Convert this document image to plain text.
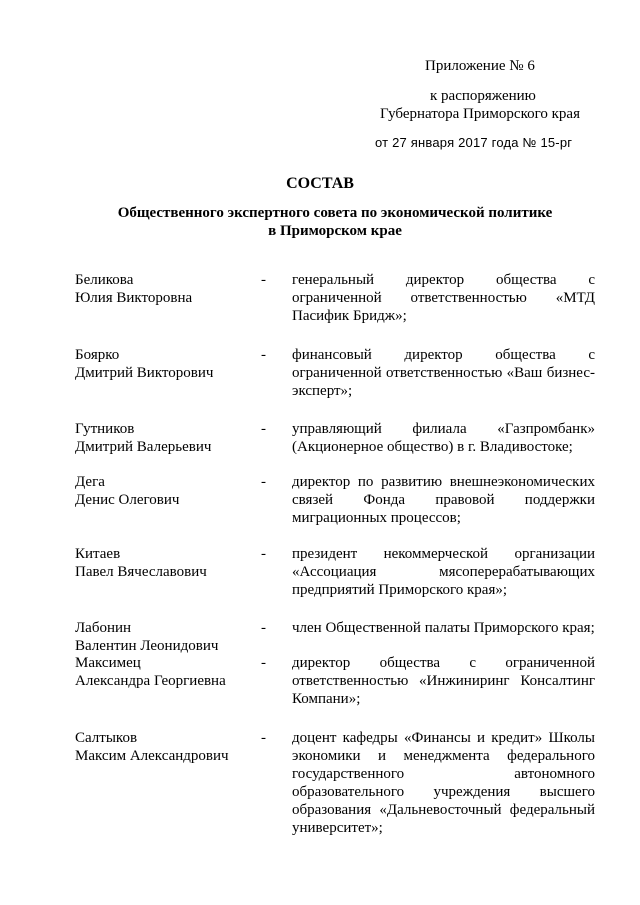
Приложение № 6
к распоряжению
Губернатора Приморского края
от 27 января 2017 года № 15-рг
СОСТАВ
Общественного экспертного совета по экономической политике
в Приморском крае
Беликова
Юлия Викторовна
- генеральный директор общества с ограниченной ответственностью «МТД Пасифик Бридж»;
Боярко
Дмитрий Викторович
- финансовый директор общества с ограниченной ответственностью «Ваш бизнес-эксперт»;
Гутников
Дмитрий Валерьевич
- управляющий филиала «Газпромбанк» (Акционерное общество) в г. Владивостоке;
Дега
Денис Олегович
- директор по развитию внешнеэкономических связей Фонда правовой поддержки миграционных процессов;
Китаев
Павел Вячеславович
- президент некоммерческой организации «Ассоциация мясоперерабатывающих предприятий Приморского края»;
Лабонин
Валентин Леонидович
- член Общественной палаты Приморского края;
Максимец
Александра Георгиевна
- директор общества с ограниченной ответственностью «Инжиниринг Консалтинг Компани»;
Салтыков
Максим Александрович
- доцент кафедры «Финансы и кредит» Школы экономики и менеджмента федерального государственного автономного образовательного учреждения высшего образования «Дальневосточный федеральный университет»;
